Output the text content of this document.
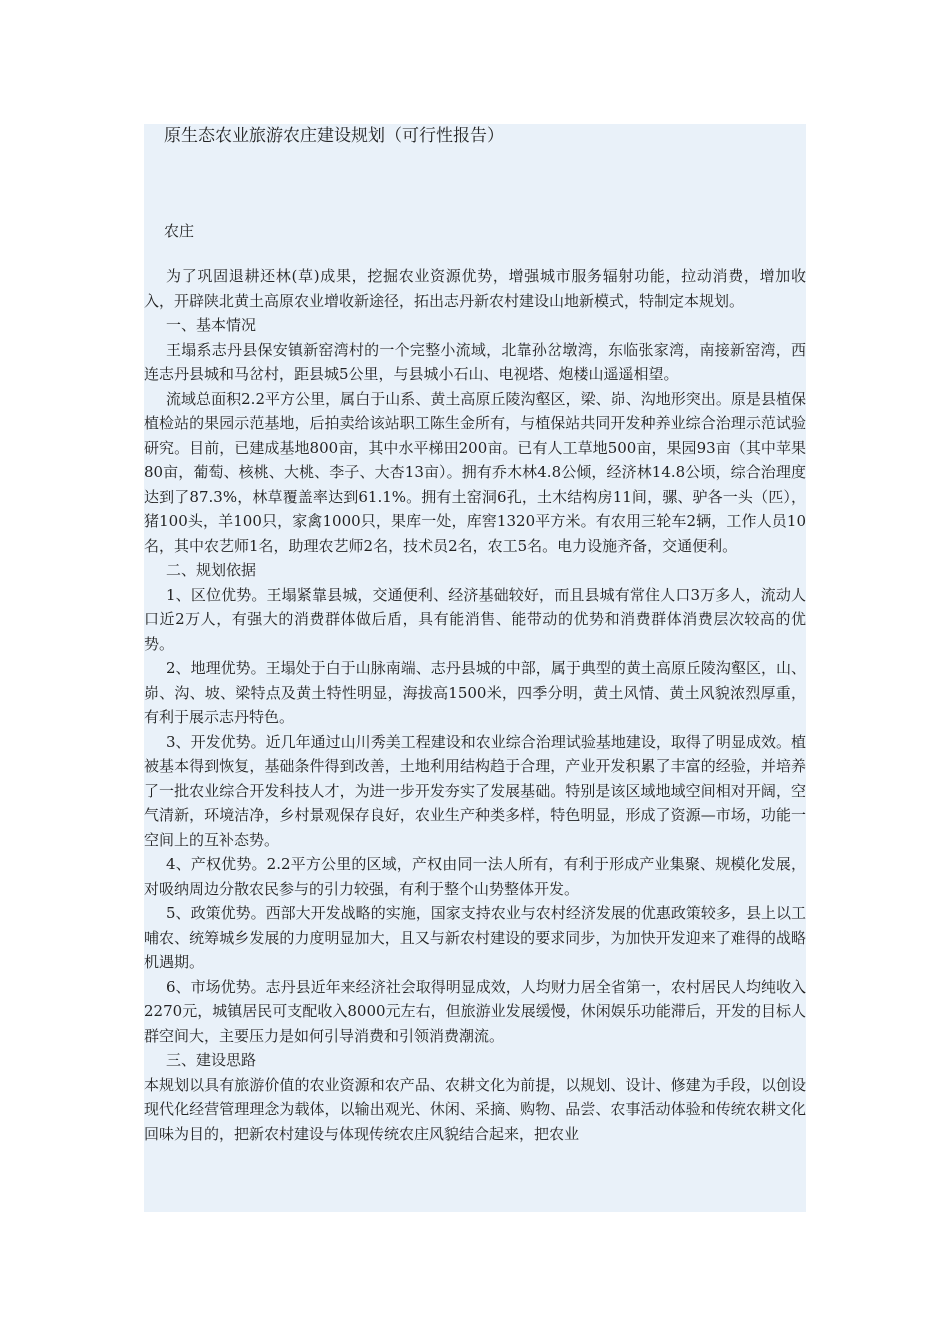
原生态农业旅游农庄建设规划（可行性报告）
农庄

为了巩固退耕还林(草)成果，挖掘农业资源优势，增强城市服务辐射功能，拉动消费，增加收入，开辟陕北黄土高原农业增收新途径，拓出志丹新农村建设山地新模式，特制定本规划。

一、基本情况

王塌系志丹县保安镇新窑湾村的一个完整小流域，北靠孙岔墩湾，东临张家湾，南接新窑湾，西连志丹县城和马岔村，距县城5公里，与县城小石山、电视塔、炮楼山遥遥相望。

流域总面积2.2平方公里，属白于山系、黄土高原丘陵沟壑区，梁、峁、沟地形突出。原是县植保植检站的果园示范基地，后拍卖给该站职工陈生金所有，与植保站共同开发种养业综合治理示范试验研究。目前，已建成基地800亩，其中水平梯田200亩。已有人工草地500亩，果园93亩（其中苹果80亩，葡萄、核桃、大桃、李子、大杏13亩）。拥有乔木林4.8公倾，经济林14.8公顷，综合治理度达到了87.3%，林草覆盖率达到61.1%。拥有土窑洞6孔，土木结构房11间，骡、驴各一头（匹），猪100头，羊100只，家禽1000只，果库一处，库窖1320平方米。有农用三轮车2辆，工作人员10名，其中农艺师1名，助理农艺师2名，技术员2名，农工5名。电力设施齐备，交通便利。

二、规划依据

1、区位优势。王塌紧靠县城，交通便利、经济基础较好，而且县城有常住人口3万多人，流动人口近2万人，有强大的消费群体做后盾，具有能消售、能带动的优势和消费群体消费层次较高的优势。

2、地理优势。王塌处于白于山脉南端、志丹县城的中部，属于典型的黄土高原丘陵沟壑区，山、峁、沟、坡、梁特点及黄土特性明显，海拔高1500米，四季分明，黄土风情、黄土风貌浓烈厚重，有利于展示志丹特色。

3、开发优势。近几年通过山川秀美工程建设和农业综合治理试验基地建设，取得了明显成效。植被基本得到恢复，基础条件得到改善，土地利用结构趋于合理，产业开发积累了丰富的经验，并培养了一批农业综合开发科技人才，为进一步开发夯实了发展基础。特别是该区域地域空间相对开阔，空气清新，环境洁净，乡村景观保存良好，农业生产种类多样，特色明显，形成了资源—市场，功能一空间上的互补态势。

4、产权优势。2.2平方公里的区域，产权由同一法人所有，有利于形成产业集聚、规模化发展，对吸纳周边分散农民参与的引力较强，有利于整个山势整体开发。

5、政策优势。西部大开发战略的实施，国家支持农业与农村经济发展的优惠政策较多，县上以工哺农、统筹城乡发展的力度明显加大，且又与新农村建设的要求同步，为加快开发迎来了难得的战略机遇期。

6、市场优势。志丹县近年来经济社会取得明显成效，人均财力居全省第一，农村居民人均纯收入2270元，城镇居民可支配收入8000元左右，但旅游业发展缓慢，休闲娱乐功能滞后，开发的目标人群空间大，主要压力是如何引导消费和引领消费潮流。

三、建设思路

本规划以具有旅游价值的农业资源和农产品、农耕文化为前提，以规划、设计、修建为手段，以创设现代化经营管理理念为载体，以输出观光、休闲、采摘、购物、品尝、农事活动体验和传统农耕文化回味为目的，把新农村建设与体现传统农庄风貌结合起来，把农业
